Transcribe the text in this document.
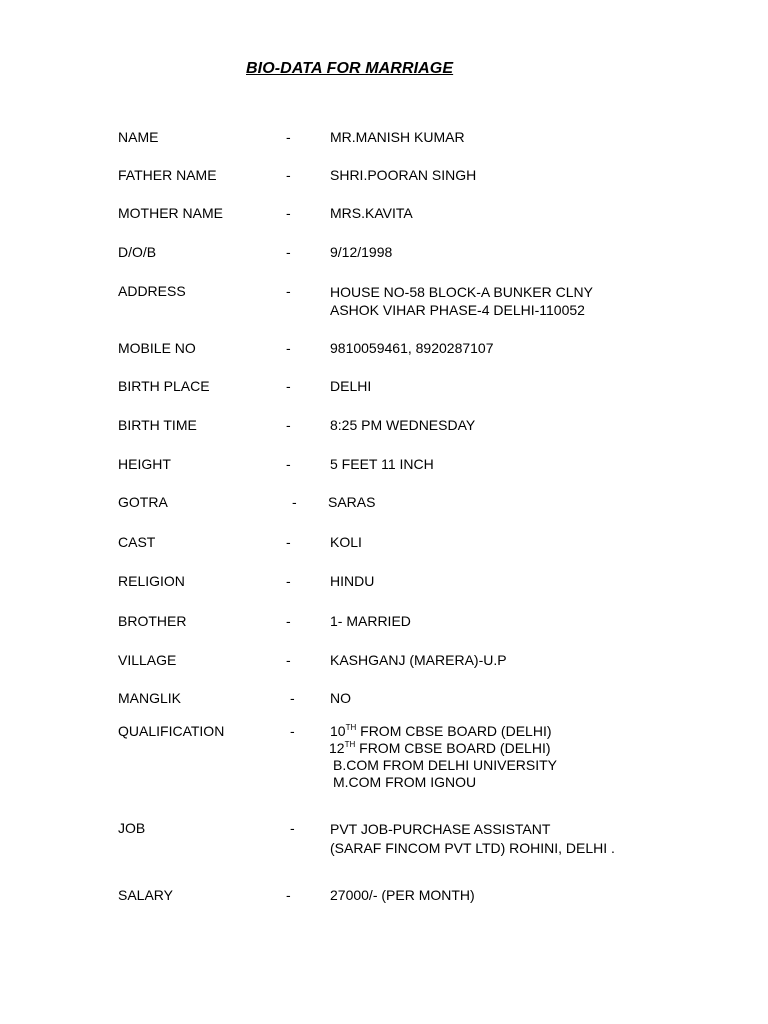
BIO-DATA FOR MARRIAGE
NAME	-	MR.MANISH KUMAR
FATHER NAME	-	SHRI.POORAN SINGH
MOTHER NAME	-	MRS.KAVITA
D/O/B	-	9/12/1998
ADDRESS	-	HOUSE NO-58 BLOCK-A BUNKER CLNY
ASHOK VIHAR PHASE-4 DELHI-110052
MOBILE NO	-	9810059461, 8920287107
BIRTH PLACE	-	DELHI
BIRTH TIME	-	8:25 PM WEDNESDAY
HEIGHT	-	5 FEET 11 INCH
GOTRA	- SARAS
CAST	-	KOLI
RELIGION	-	HINDU
BROTHER	-	1- MARRIED
VILLAGE	-	KASHGANJ (MARERA)-U.P
MANGLIK	-	NO
QUALIFICATION	-	10TH FROM CBSE BOARD (DELHI)
12TH FROM CBSE BOARD (DELHI)
B.COM FROM DELHI UNIVERSITY
M.COM FROM IGNOU
JOB	-	PVT JOB-PURCHASE ASSISTANT
(SARAF FINCOM PVT LTD) ROHINI, DELHI .
SALARY	-	27000/- (PER MONTH)
